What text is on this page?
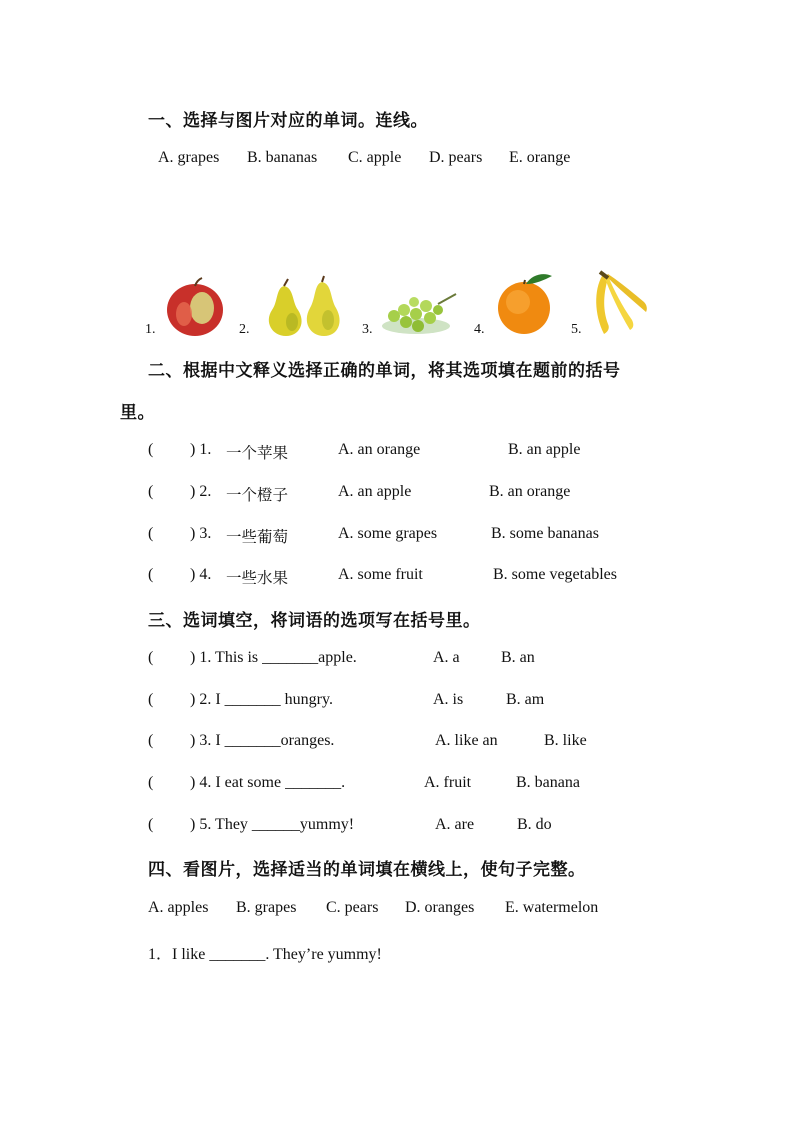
一、选择与图片对应的单词。连线。
A. grapes B. bananas C. apple D. pears E. orange
1.	2.	3.	4.	5.
二、根据中文释义选择正确的单词，将其选项填在题前的括号
里。
( ) 1. 一个苹果	A. an orange	B. an apple
( ) 2. 一个橙子	A. an apple	B. an orange
( ) 3. 一些葡萄	A. some grapes	B. some bananas
( ) 4. 一些水果	A. some fruit	B. some vegetables
三、选词填空，将词语的选项写在括号里。
( ) 1. This is _______apple.	A. a	B. an
( ) 2. I _______ hungry.	A. is	B. am
( ) 3. I _______oranges.	A. like an	B. like
( ) 4. I eat some _______.	A. fruit	B. banana
( ) 5. They ______yummy!	A. are	B. do
四、看图片，选择适当的单词填在横线上，使句子完整。
A. apples B. grapes C. pears D. oranges E. watermelon
1．I like _______. They’re yummy!
